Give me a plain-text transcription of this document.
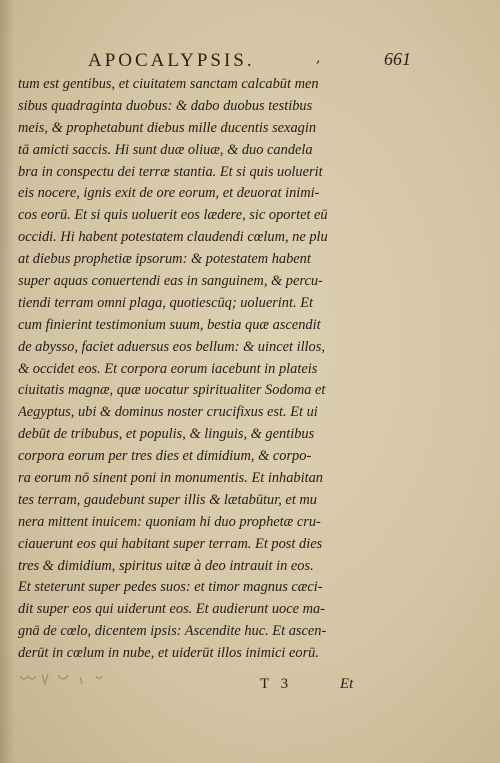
APOCALYPSIS.	,	661
tum est gentibus, et ciuitatem sanctam calcabūt men
sibus quadraginta duobus: & dabo duobus testibus
meis, & prophetabunt diebus mille ducentis sexagin
tā amicti saccis. Hi sunt duæ oliuæ, & duo candela
bra in conspectu dei terræ stantia. Et si quis uoluerit
eis nocere, ignis exit de ore eorum, et deuorat inimi-
cos eorū. Et si quis uoluerit eos lædere, sic oportet eū
occidi. Hi habent potestatem claudendi cœlum, ne plu
at diebus prophetiæ ipsorum: & potestatem habent
super aquas conuertendi eas in sanguinem, & percu-
tiendi terram omni plaga, quotiescūq; uoluerint. Et
cum finierint testimonium suum, bestia quæ ascendit
de abysso, faciet aduersus eos bellum: & uincet illos,
& occidet eos. Et corpora eorum iacebunt in plateis
ciuitatis magnæ, quæ uocatur spiritualiter Sodoma et
Aegyptus, ubi & dominus noster crucifixus est. Et ui
debūt de tribubus, et populis, & linguis, & gentibus
corpora eorum per tres dies et dimidium, & corpo-
ra eorum nō sinent poni in monumentis. Et inhabitan
tes terram, gaudebunt super illis & lætabūtur, et mu
nera mittent inuicem: quoniam hi duo prophetæ cru-
ciauerunt eos qui habitant super terram. Et post dies
tres & dimidium, spiritus uitæ à deo intrauit in eos.
Et steterunt super pedes suos: et timor magnus cæci-
dit super eos qui uiderunt eos. Et audierunt uoce ma-
gnā de cœlo, dicentem ipsis: Ascendite huc. Et ascen-
derūt in cœlum in nube, et uiderūt illos inimici eorū.
T 3	Et
